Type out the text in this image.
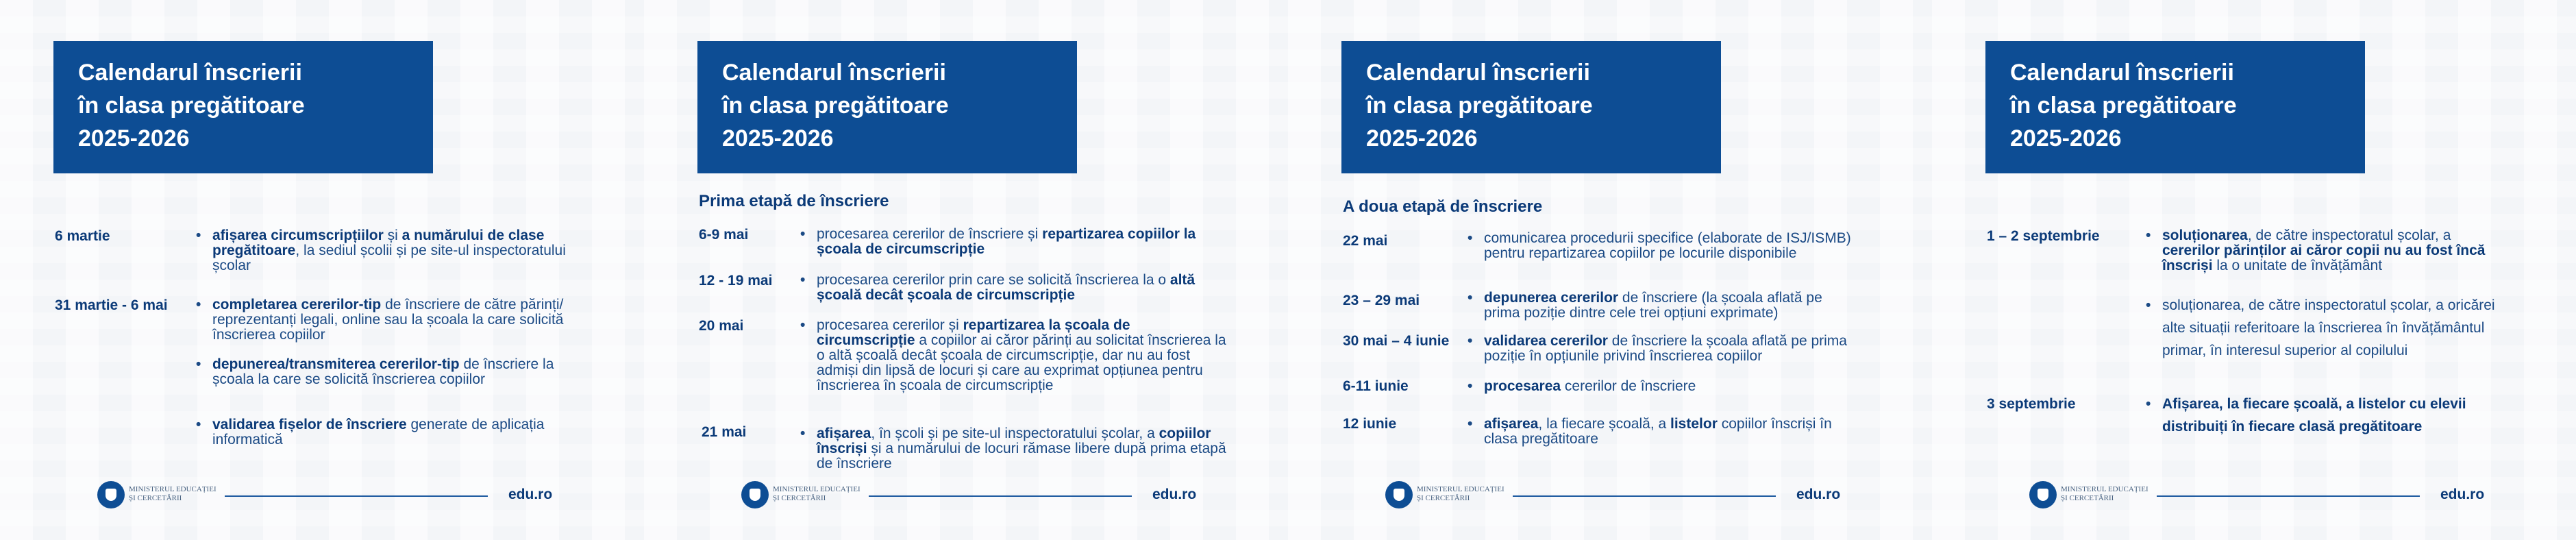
Calendarul înscrierii
în clasa pregătitoare
2025-2026
6 martie	• afișarea circumscripțiilor și a numărului de clase pregătitoare, la sediul școlii și pe site-ul inspectoratului școlar
31 martie - 6 mai	• completarea cererilor-tip de înscriere de către părinți/ reprezentanți legali, online sau la școala la care solicită înscrierea copiilor
• depunerea/transmiterea cererilor-tip de înscriere la școala la care se solicită înscrierea copiilor
• validarea fișelor de înscriere generate de aplicația informatică
MINISTERUL EDUCAȚIEI
ȘI CERCETĂRII	edu.ro
Calendarul înscrierii
în clasa pregătitoare
2025-2026
Prima etapă de înscriere
6-9 mai	• procesarea cererilor de înscriere și repartizarea copiilor la școala de circumscripție
12 - 19 mai	• procesarea cererilor prin care se solicită înscrierea la o altă școală decât școala de circumscripție
20 mai	• procesarea cererilor și repartizarea la școala de circumscripție a copiilor ai căror părinți au solicitat înscrierea la o altă școală decât școala de circumscripție, dar nu au fost admiși din lipsă de locuri și care au exprimat opțiunea pentru înscrierea în școala de circumscripție
21 mai	• afișarea, în școli și pe site-ul inspectoratului școlar, a copiilor înscriși și a numărului de locuri rămase libere după prima etapă de înscriere
MINISTERUL EDUCAȚIEI
ȘI CERCETĂRII	edu.ro
Calendarul înscrierii
în clasa pregătitoare
2025-2026
A doua etapă de înscriere
22 mai	• comunicarea procedurii specifice (elaborate de ISJ/ISMB) pentru repartizarea copiilor pe locurile disponibile
23 – 29 mai	• depunerea cererilor de înscriere (la școala aflată pe prima poziție dintre cele trei opțiuni exprimate)
30 mai – 4 iunie	• validarea cererilor de înscriere la școala aflată pe prima poziție în opțiunile privind înscrierea copiilor
6-11 iunie	• procesarea cererilor de înscriere
12 iunie	• afișarea, la fiecare școală, a listelor copiilor înscriși în clasa pregătitoare
MINISTERUL EDUCAȚIEI
ȘI CERCETĂRII	edu.ro
Calendarul înscrierii
în clasa pregătitoare
2025-2026
1 – 2 septembrie	• soluționarea, de către inspectoratul școlar, a cererilor părinților ai căror copii nu au fost încă înscriși la o unitate de învățământ
• soluționarea, de către inspectoratul școlar, a oricărei alte situații referitoare la înscrierea în învățământul primar, în interesul superior al copilului
3 septembrie	• Afișarea, la fiecare școală, a listelor cu elevii distribuiți în fiecare clasă pregătitoare
MINISTERUL EDUCAȚIEI
ȘI CERCETĂRII	edu.ro
